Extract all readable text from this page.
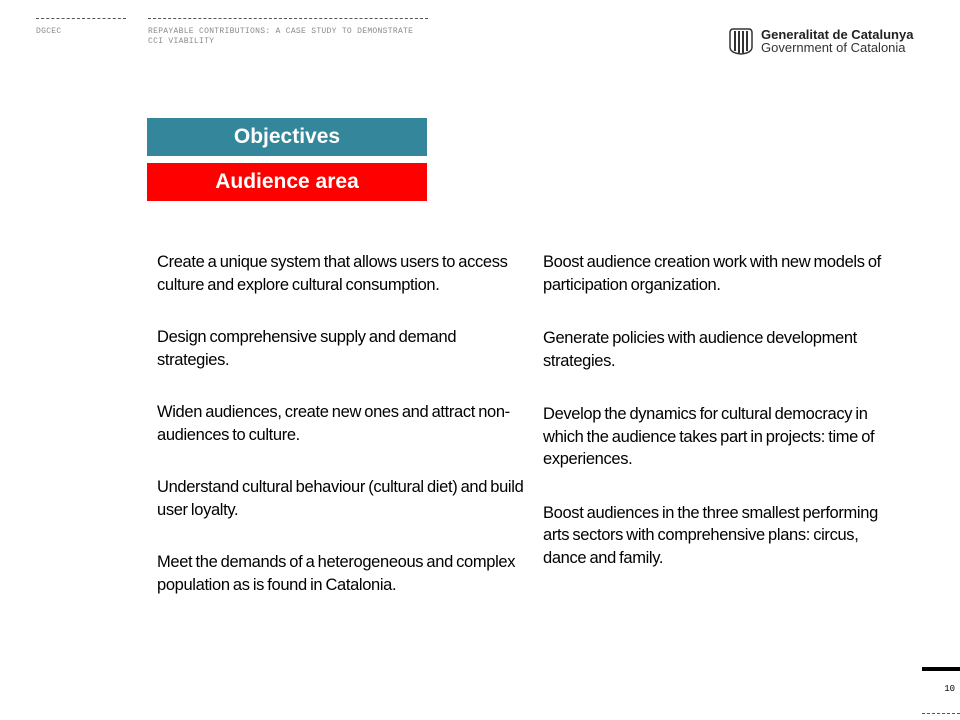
DGCEC	REPAYABLE CONTRIBUTIONS: A CASE STUDY TO DEMONSTRATE CCI VIABILITY	Generalitat de Catalunya
Government of Catalonia
Objectives
Audience area

Create a unique system that allows users to access culture and explore cultural consumption.

Design comprehensive supply and demand strategies.

Widen audiences, create new ones and attract non-audiences to culture.

Understand cultural behaviour (cultural diet) and build user loyalty.

Meet the demands of a heterogeneous and complex population as is found in Catalonia.

Boost audience creation work with new models of participation organization.

Generate policies with audience development strategies.

Develop the dynamics for cultural democracy in which the audience takes part in projects: time of experiences.

Boost audiences in the three smallest performing arts sectors with comprehensive plans: circus, dance and family.

10
